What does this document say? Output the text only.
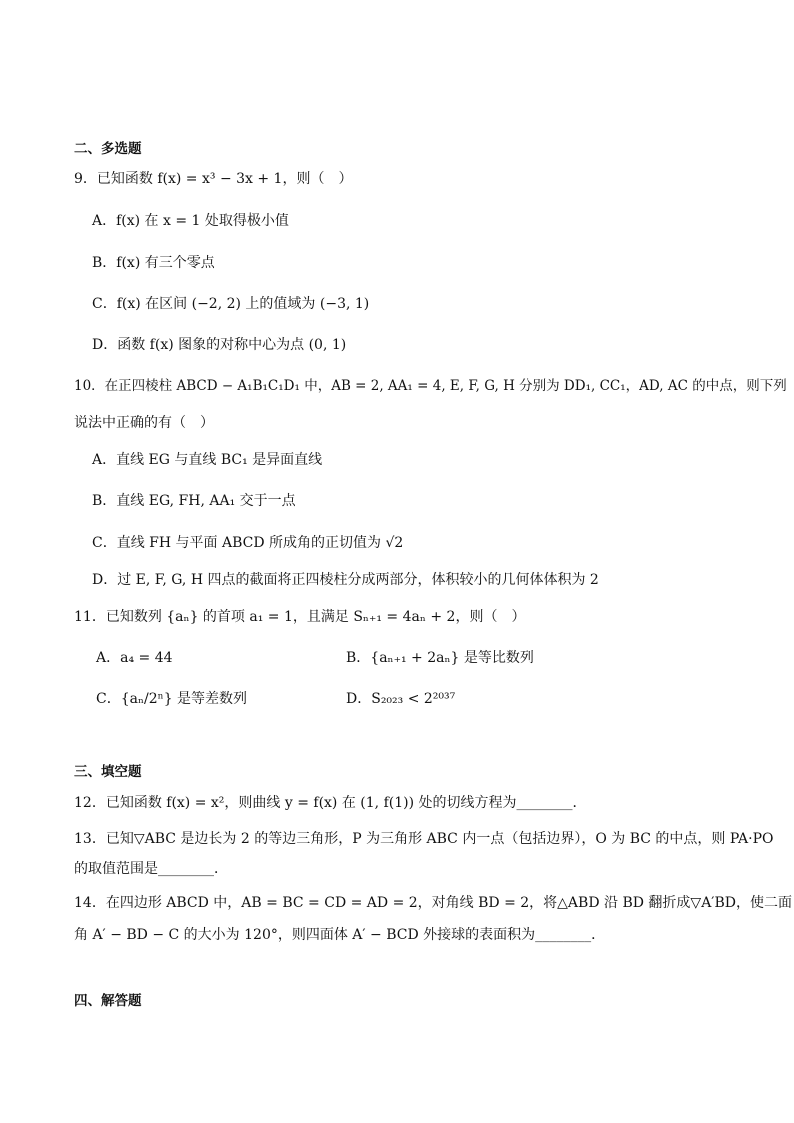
二、多选题
9．已知函数 f(x) = x³ − 3x + 1，则（　）
A．f(x) 在 x = 1 处取得极小值
B．f(x) 有三个零点
C．f(x) 在区间 (−2, 2) 上的值域为 (−3, 1)
D．函数 f(x) 图象的对称中心为点 (0, 1)
10．在正四棱柱 ABCD − A₁B₁C₁D₁ 中，AB = 2, AA₁ = 4, E, F, G, H 分别为 DD₁, CC₁，AD, AC 的中点，则下列
说法中正确的有（　）
A．直线 EG 与直线 BC₁ 是异面直线
B．直线 EG, FH, AA₁ 交于一点
C．直线 FH 与平面 ABCD 所成角的正切值为 √2
D．过 E, F, G, H 四点的截面将正四棱柱分成两部分，体积较小的几何体体积为 2
11．已知数列 {aₙ} 的首项 a₁ = 1，且满足 Sₙ₊₁ = 4aₙ + 2，则（　）
A．a₄ = 44	B．{aₙ₊₁ + 2aₙ} 是等比数列
C．{aₙ/2ⁿ} 是等差数列	D．S₂₀₂₃ < 2²⁰³⁷
三、填空题
12．已知函数 f(x) = x²，则曲线 y = f(x) 在 (1, f(1)) 处的切线方程为________．
13．已知▽ABC 是边长为 2 的等边三角形，P 为三角形 ABC 内一点（包括边界），O 为 BC 的中点，则 PA·PO
的取值范围是________．
14．在四边形 ABCD 中，AB = BC = CD = AD = 2，对角线 BD = 2，将△ABD 沿 BD 翻折成▽A′BD，使二面
角 A′ − BD − C 的大小为 120°，则四面体 A′ − BCD 外接球的表面积为________．
四、解答题
